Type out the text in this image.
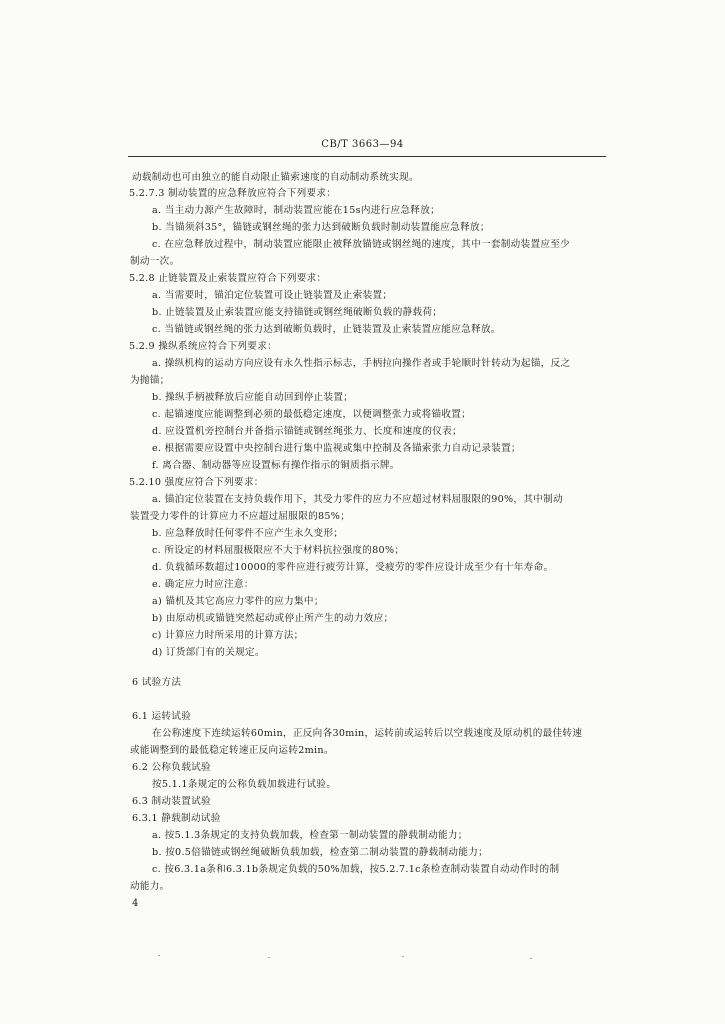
CB/T 3663—94
动载制动也可由独立的能自动限止锚索速度的自动制动系统实现。
5.2.7.3 制动装置的应急释放应符合下列要求：
a. 当主动力源产生故障时，制动装置应能在15s内进行应急释放；
b. 当锚须斜35°，锚链或钢丝绳的张力达到破断负载时制动装置能应急释放；
c. 在应急释放过程中，制动装置应能限止被释放锚链或钢丝绳的速度，其中一套制动装置应至少
制动一次。
5.2.8 止链装置及止索装置应符合下列要求：
a. 当需要时，锚泊定位装置可设止链装置及止索装置；
b. 止链装置及止索装置应能支持锚链或钢丝绳破断负载的静载荷；
c. 当锚链或钢丝绳的张力达到破断负载时，止链装置及止索装置应能应急释放。
5.2.9 操纵系统应符合下列要求：
a. 操纵机构的运动方向应设有永久性指示标志，手柄拉向操作者或手轮顺时针转动为起锚，反之
为抛锚；
b. 操纵手柄被释放后应能自动回到停止装置；
c. 起锚速度应能调整到必须的最低稳定速度，以便调整张力或将锚收置；
d. 应设置机旁控制台并备指示锚链或钢丝绳张力、长度和速度的仪表；
e. 根据需要应设置中央控制台进行集中监视或集中控制及各锚索张力自动记录装置；
f. 离合器、制动器等应设置标有操作指示的铜质指示牌。
5.2.10 强度应符合下列要求：
a. 锚泊定位装置在支持负载作用下，其受力零件的应力不应超过材料屈服限的90%，其中制动
装置受力零件的计算应力不应超过屈服限的85%；
b. 应急释放时任何零件不应产生永久变形；
c. 所设定的材料屈服极限应不大于材料抗拉强度的80%；
d. 负载循环数超过10000的零件应进行疲劳计算，受疲劳的零件应设计成至少有十年寿命。
e. 确定应力时应注意：
a) 锚机及其它高应力零件的应力集中；
b) 由原动机或锚链突然起动或停止所产生的动力效应；
c) 计算应力时所采用的计算方法；
d) 订货部门有的关规定。
6 试验方法
6.1 运转试验
在公称速度下连续运转60min，正反向各30min，运转前或运转后以空载速度及原动机的最佳转速
或能调整到的最低稳定转速正反向运转2min。
6.2 公称负载试验
按5.1.1条规定的公称负载加载进行试验。
6.3 制动装置试验
6.3.1 静载制动试验
a. 按5.1.3条规定的支持负载加载，检查第一制动装置的静载制动能力；
b. 按0.5倍锚链或钢丝绳破断负载加载，检查第二制动装置的静载制动能力；
c. 按6.3.1a条和6.3.1b条规定负载的50%加载，按5.2.7.1c条检查制动装置自动动作时的制
动能力。
4
